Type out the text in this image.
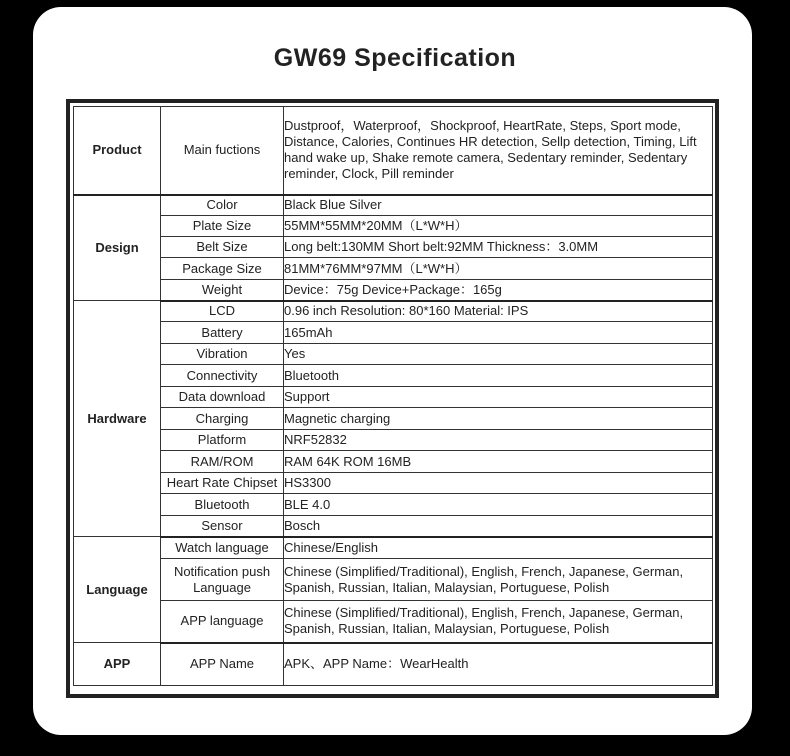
GW69 Specification
Product	Main fuctions	Dustproof，Waterproof，Shockproof, HeartRate, Steps, Sport mode, Distance, Calories, Continues HR detection, Sellp detection, Timing, Lift hand wake up, Shake remote camera, Sedentary reminder, Sedentary reminder, Clock, Pill reminder
Design	Color	Black Blue Silver
	Plate Size	55MM*55MM*20MM（L*W*H）
	Belt Size	Long belt:130MM Short belt:92MM Thickness：3.0MM
	Package Size	81MM*76MM*97MM（L*W*H）
	Weight	Device：75g Device+Package：165g
Hardware	LCD	0.96 inch Resolution: 80*160 Material: IPS
	Battery	165mAh
	Vibration	Yes
	Connectivity	Bluetooth
	Data download	Support
	Charging	Magnetic charging
	Platform	NRF52832
	RAM/ROM	RAM 64K ROM 16MB
	Heart Rate Chipset	HS3300
	Bluetooth	BLE 4.0
	Sensor	Bosch
Language	Watch language	Chinese/English
	Notification push Language	Chinese (Simplified/Traditional), English, French, Japanese, German, Spanish, Russian, Italian, Malaysian, Portuguese, Polish
	APP language	Chinese (Simplified/Traditional), English, French, Japanese, German, Spanish, Russian, Italian, Malaysian, Portuguese, Polish
APP	APP Name	APK、APP Name：WearHealth
